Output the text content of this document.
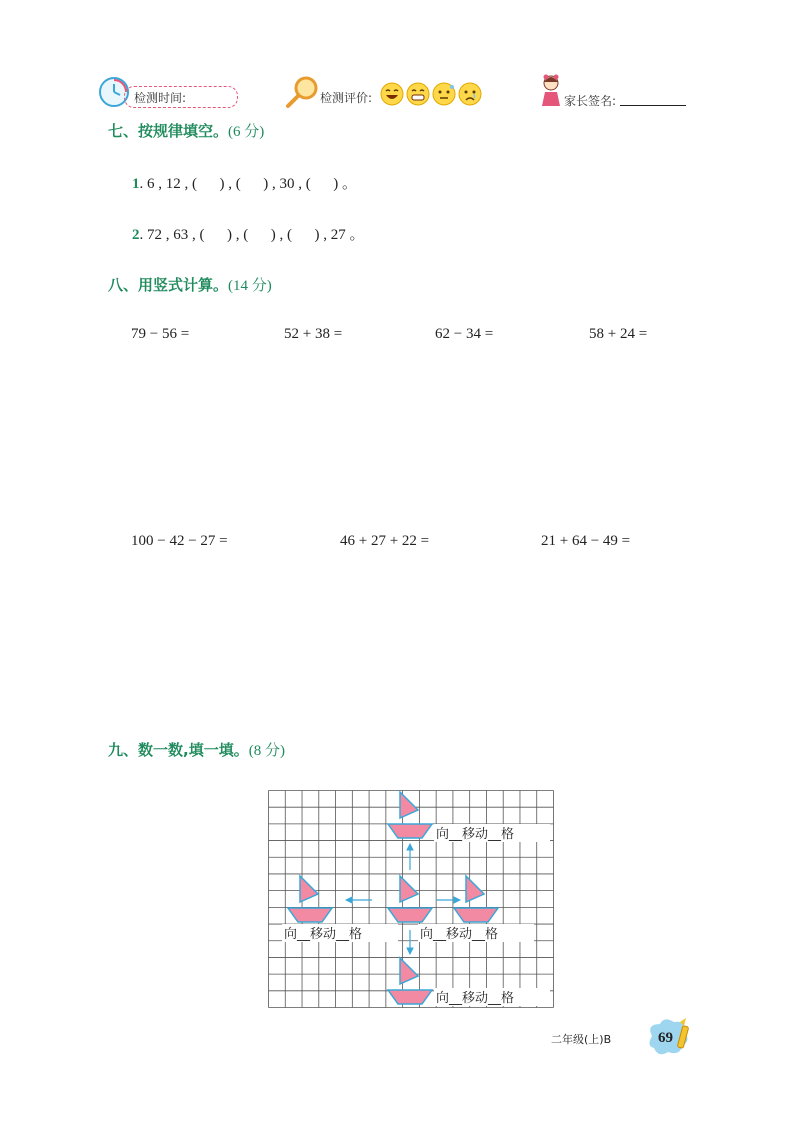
检测时间:	检测评价:	家长签名:
七、按规律填空。(6 分)
1. 6 , 12 , (      ) , (      ) , 30 , (      ) 。
2. 72 , 63 , (      ) , (      ) , (      ) , 27 。
八、用竖式计算。(14 分)
79 − 56 =	52 + 38 =	62 − 34 =	58 + 24 =
100 − 42 − 27 =	46 + 27 + 22 =	21 + 64 − 49 =
九、数一数,填一填。(8 分)
向__移动__格
向__移动__格	向__移动__格
向__移动__格
二年级(上)B	69
